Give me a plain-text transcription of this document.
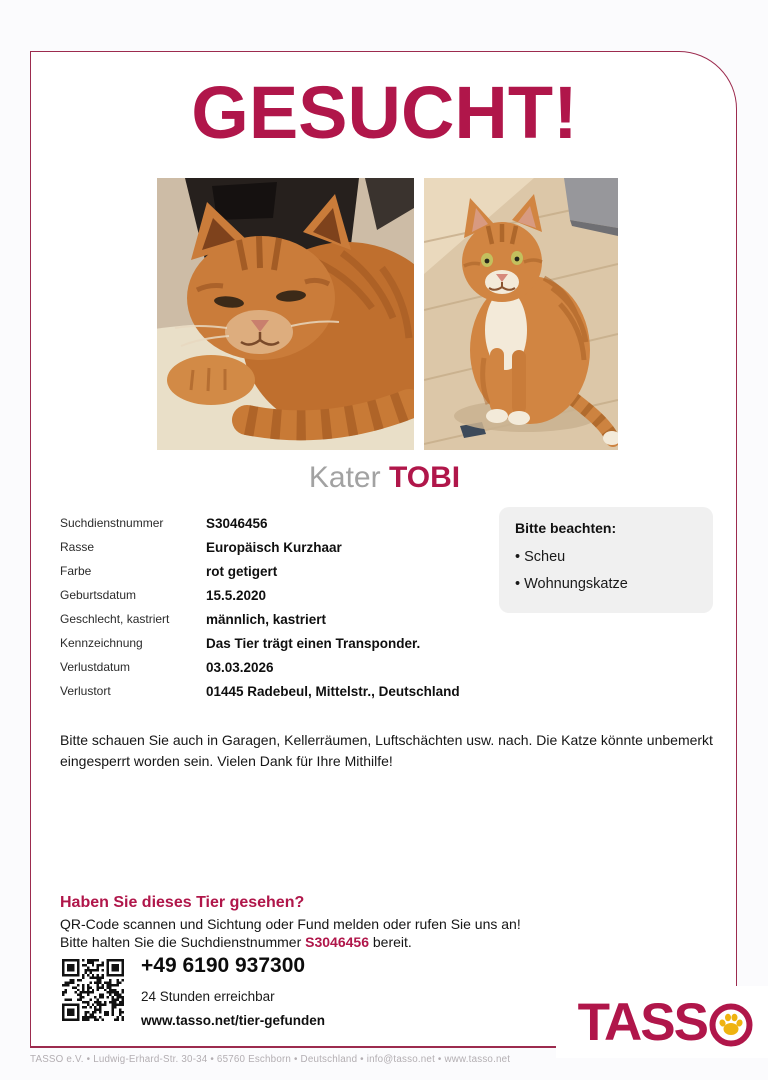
GESUCHT!
Kater TOBI
Suchdienstnummer	S3046456
Rasse	Europäisch Kurzhaar
Farbe	rot getigert
Geburtsdatum	15.5.2020
Geschlecht, kastriert	männlich, kastriert
Kennzeichnung	Das Tier trägt einen Transponder.
Verlustdatum	03.03.2026
Verlustort	01445 Radebeul, Mittelstr., Deutschland
Bitte beachten:
• Scheu
• Wohnungskatze
Bitte schauen Sie auch in Garagen, Kellerräumen, Luftschächten usw. nach. Die Katze könnte unbemerkt eingesperrt worden sein. Vielen Dank für Ihre Mithilfe!
Haben Sie dieses Tier gesehen?
QR-Code scannen und Sichtung oder Fund melden oder rufen Sie uns an!
Bitte halten Sie die Suchdienstnummer S3046456 bereit.
+49 6190 937300
24 Stunden erreichbar
www.tasso.net/tier-gefunden	TASS
TASSO e.V. • Ludwig-Erhard-Str. 30-34 • 65760 Eschborn • Deutschland • info@tasso.net • www.tasso.net
